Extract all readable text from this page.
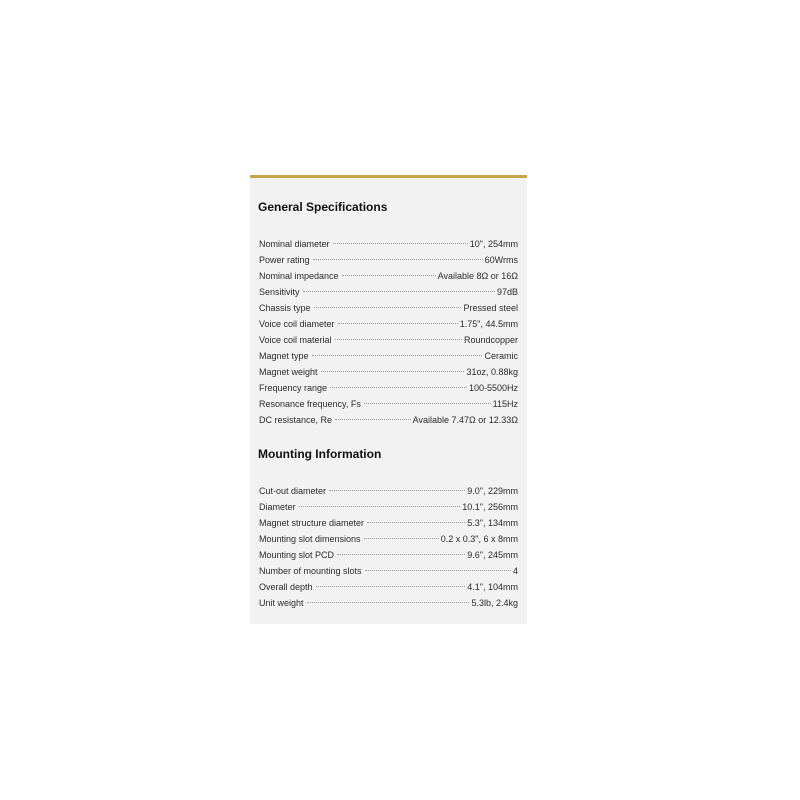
General Specifications
Nominal diameter	10", 254mm
Power rating	60Wrms
Nominal impedance	Available 8Ω or 16Ω
Sensitivity	97dB
Chassis type	Pressed steel
Voice coil diameter	1.75", 44.5mm
Voice coil material	Roundcopper
Magnet type	Ceramic
Magnet weight	31oz, 0.88kg
Frequency range	100-5500Hz
Resonance frequency, Fs	115Hz
DC resistance, Re	Available 7.47Ω or 12.33Ω
Mounting Information
Cut-out diameter	9.0", 229mm
Diameter	10.1", 256mm
Magnet structure diameter	5.3", 134mm
Mounting slot dimensions	0.2 x 0.3", 6 x 8mm
Mounting slot PCD	9.6", 245mm
Number of mounting slots	4
Overall depth	4.1", 104mm
Unit weight	5.3lb, 2.4kg
